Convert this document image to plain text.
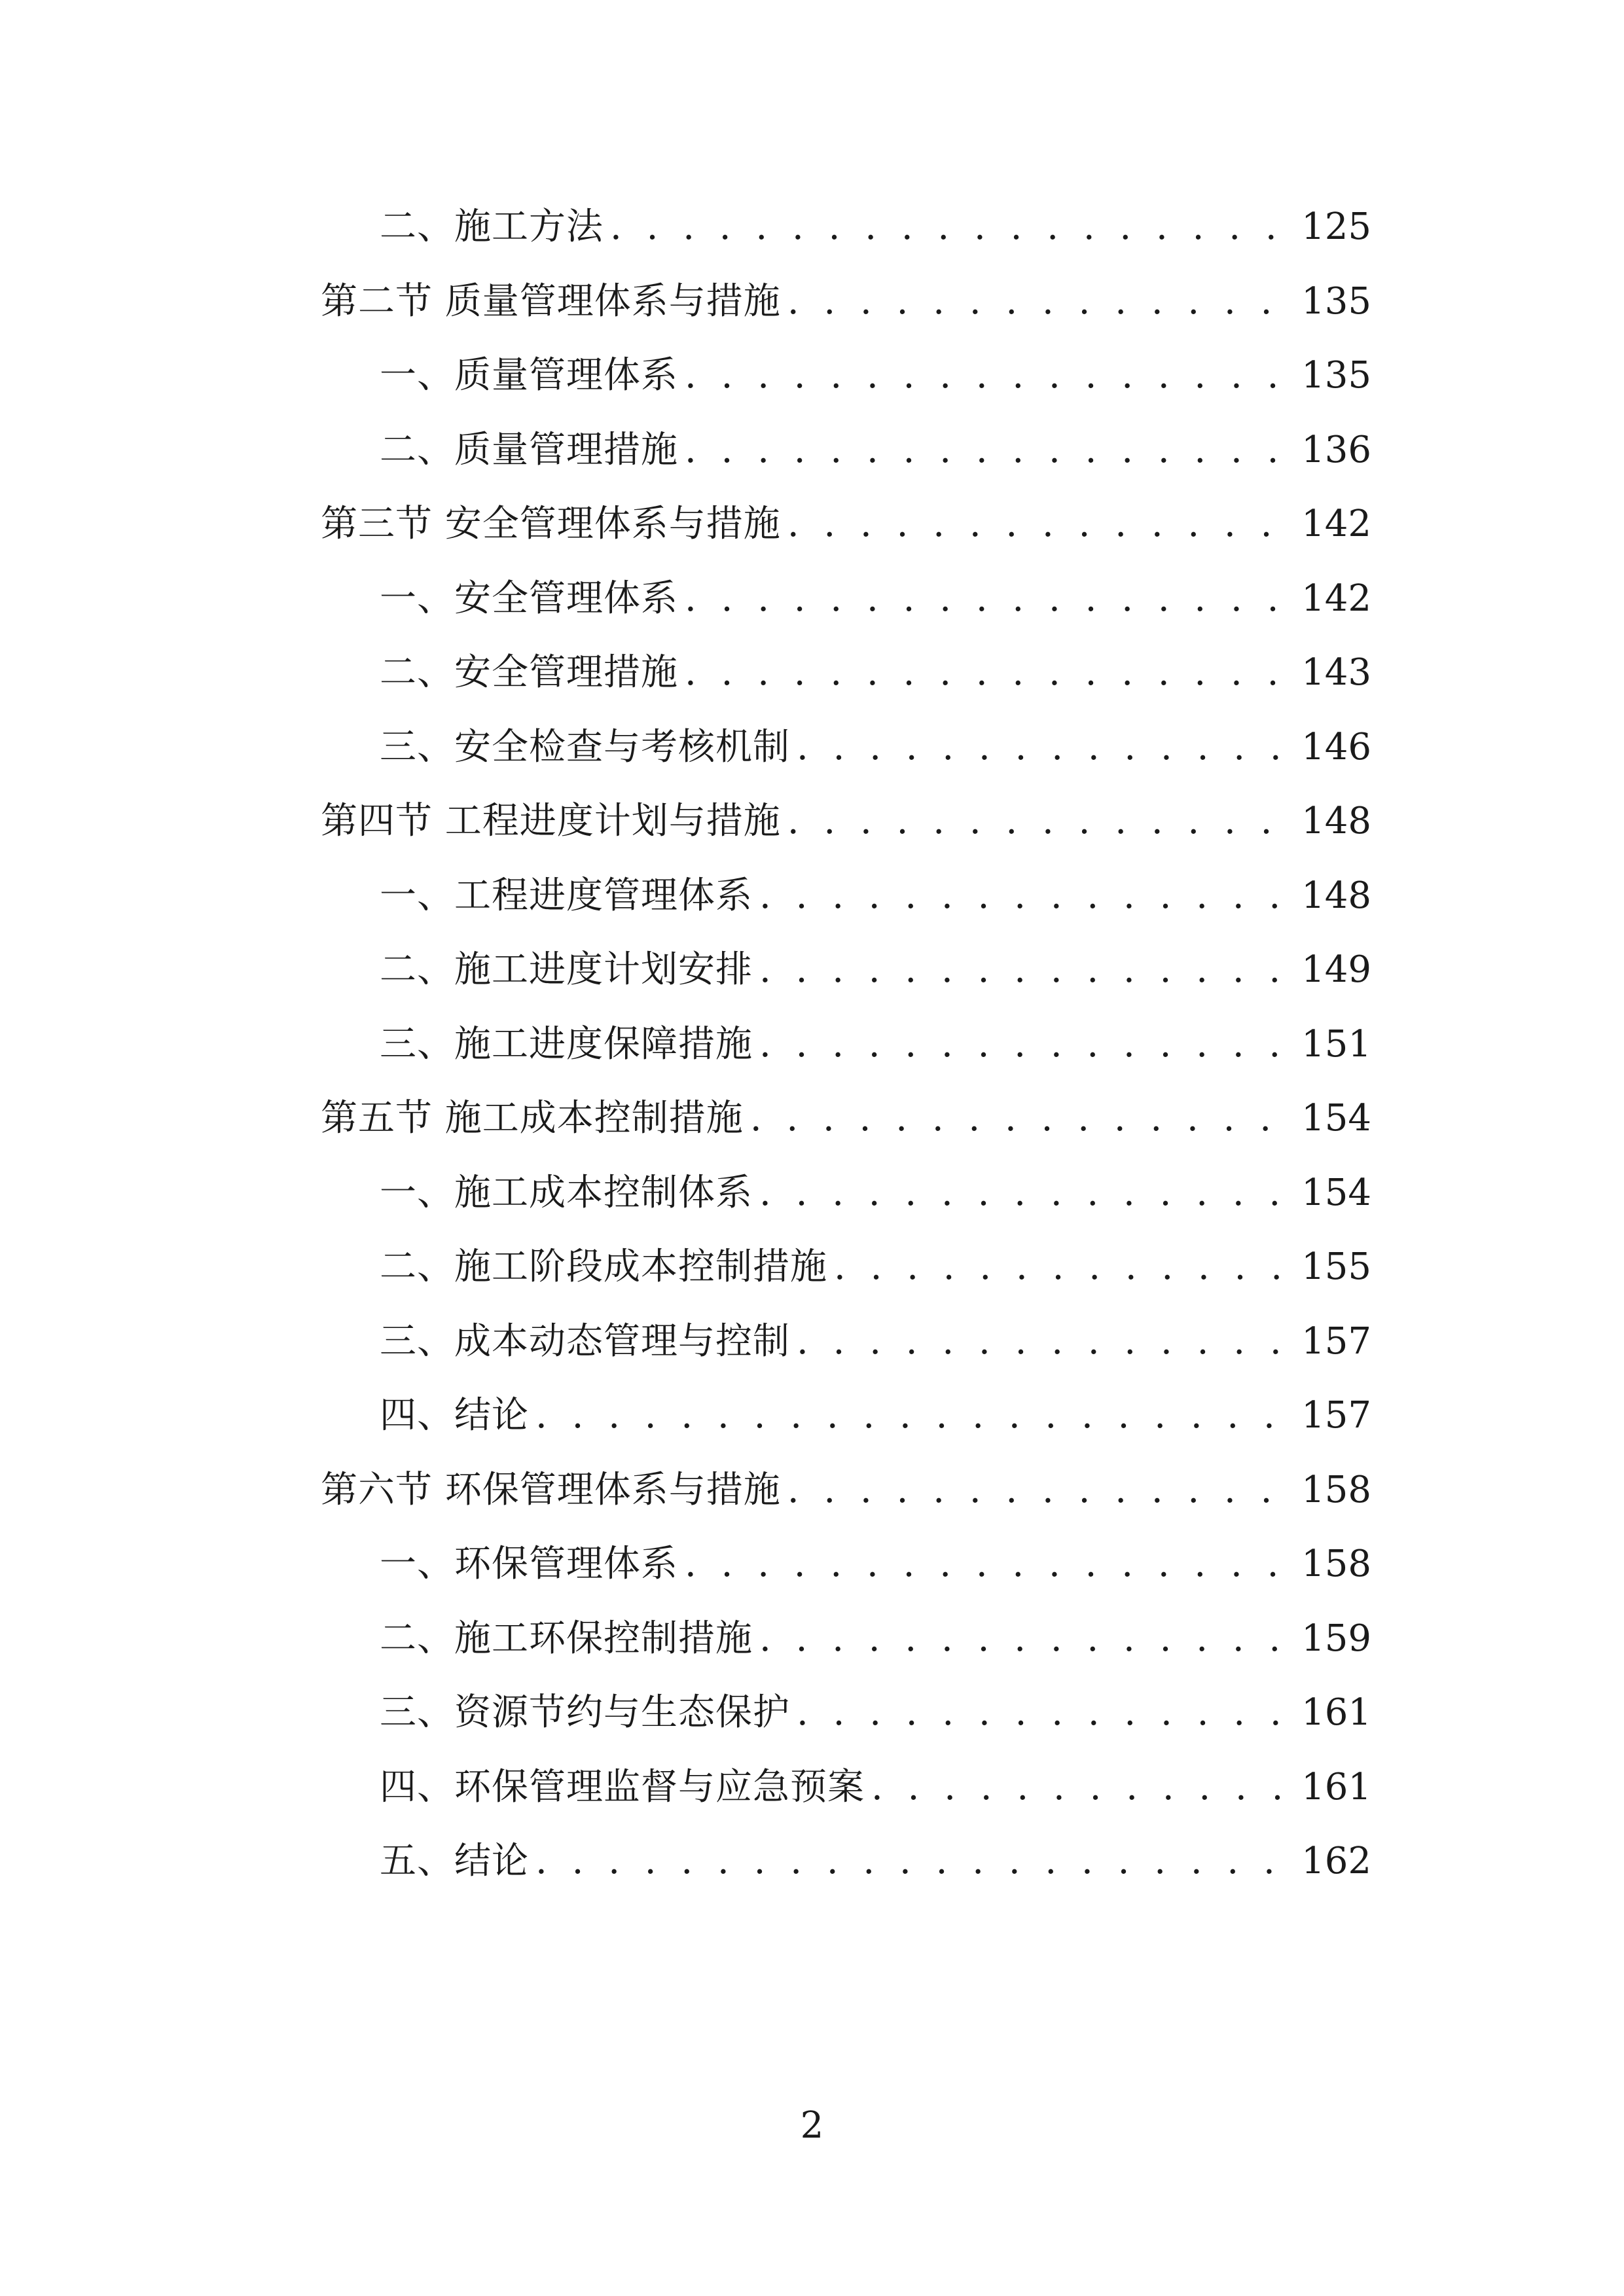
二、施工方法 . . .	125
第二节 质量管理体系与措施 . . .	135
一、质量管理体系 . . .	135
二、质量管理措施 . . .	136
第三节 安全管理体系与措施 . . .	142
一、安全管理体系 . . .	142
二、安全管理措施 . . .	143
三、安全检查与考核机制 . . .	146
第四节 工程进度计划与措施 . . .	148
一、工程进度管理体系 . . .	148
二、施工进度计划安排 . . .	149
三、施工进度保障措施 . . .	151
第五节 施工成本控制措施 . . .	154
一、施工成本控制体系 . . .	154
二、施工阶段成本控制措施 . . .	155
三、成本动态管理与控制 . . .	157
四、结论 . . .	157
第六节 环保管理体系与措施 . . .	158
一、环保管理体系 . . .	158
二、施工环保控制措施 . . .	159
三、资源节约与生态保护 . . .	161
四、环保管理监督与应急预案 . . .	161
五、结论 . . .	162
2
